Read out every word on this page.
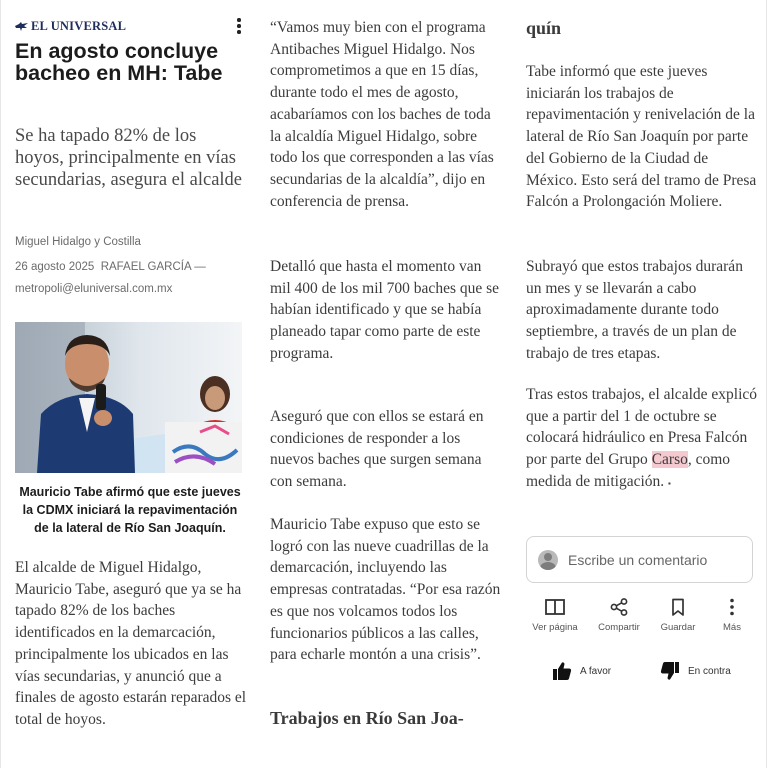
EL UNIVERSAL
En agosto concluye bacheo en MH: Tabe

Se ha tapado 82% de los hoyos, principalmente en vías secundarias, asegura el alcalde

Miguel Hidalgo y Costilla
26 agosto 2025 RAFAEL GARCÍA —metropoli@eluniversal.com.mx

Mauricio Tabe afirmó que este jueves la CDMX iniciará la repavimentación de la lateral de Río San Joaquín.

El alcalde de Miguel Hidalgo, Mauricio Tabe, aseguró que ya se ha tapado 82% de los baches identificados en la demarcación, principalmente los ubicados en las vías secundarias, y anunció que a finales de agosto estarán reparados el total de hoyos.

“Vamos muy bien con el programa Antibaches Miguel Hidalgo. Nos comprometimos a que en 15 días, durante todo el mes de agosto, acabaríamos con los baches de toda la alcaldía Miguel Hidalgo, sobre todo los que corresponden a las vías secundarias de la alcaldía”, dijo en conferencia de prensa.

Detalló que hasta el momento van mil 400 de los mil 700 baches que se habían identificado y que se había planeado tapar como parte de este programa.

Aseguró que con ellos se estará en condiciones de responder a los nuevos baches que surgen semana con semana.

Mauricio Tabe expuso que esto se logró con las nueve cuadrillas de la demarcación, incluyendo las empresas contratadas. “Por esa razón es que nos volcamos todos los funcionarios públicos a las calles, para echarle montón a una crisis”.

Trabajos en Río San Joa-
quín

Tabe informó que este jueves iniciarán los trabajos de repavimentación y renivelación de la lateral de Río San Joaquín por parte del Gobierno de la Ciudad de México. Esto será del tramo de Presa Falcón a Prolongación Moliere.

Subrayó que estos trabajos durarán un mes y se llevarán a cabo aproximadamente durante todo septiembre, a través de un plan de trabajo de tres etapas.

Tras estos trabajos, el alcalde explicó que a partir del 1 de octubre se colocará hidráulico en Presa Falcón por parte del Grupo Carso, como medida de mitigación. ▪

Escribe un comentario
Ver página	Compartir	Guardar	Más
A favor	En contra
